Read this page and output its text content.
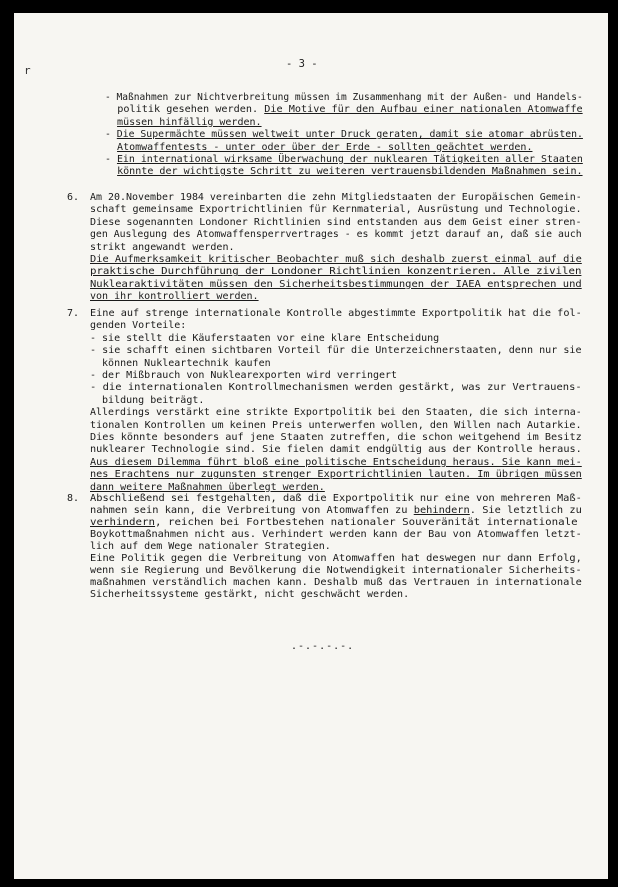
r	- 3 -
- Maßnahmen zur Nichtverbreitung müssen im Zusammenhang mit der Außen- und Handels-
politik gesehen werden. Die Motive für den Aufbau einer nationalen Atomwaffe
müssen hinfällig werden.
- Die Supermächte müssen weltweit unter Druck geraten, damit sie atomar abrüsten.
Atomwaffentests - unter oder über der Erde - sollten geächtet werden.
- Ein international wirksame Überwachung der nuklearen Tätigkeiten aller Staaten
könnte der wichtigste Schritt zu weiteren vertrauensbildenden Maßnahmen sein.
6. Am 20.November 1984 vereinbarten die zehn Mitgliedstaaten der Europäischen Gemein-
schaft gemeinsame Exportrichtlinien für Kernmaterial, Ausrüstung und Technologie.
Diese sogenannten Londoner Richtlinien sind entstanden aus dem Geist einer stren-
gen Auslegung des Atomwaffensperrvertrages - es kommt jetzt darauf an, daß sie auch
strikt angewandt werden.
Die Aufmerksamkeit kritischer Beobachter muß sich deshalb zuerst einmal auf die
praktische Durchführung der Londoner Richtlinien konzentrieren. Alle zivilen
Nuklearaktivitäten müssen den Sicherheitsbestimmungen der IAEA entsprechen und
von ihr kontrolliert werden.
7. Eine auf strenge internationale Kontrolle abgestimmte Exportpolitik hat die fol-
genden Vorteile:
- sie stellt die Käuferstaaten vor eine klare Entscheidung
- sie schafft einen sichtbaren Vorteil für die Unterzeichnerstaaten, denn nur sie
können Nukleartechnik kaufen
- der Mißbrauch von Nuklearexporten wird verringert
- die internationalen Kontrollmechanismen werden gestärkt, was zur Vertrauens-
bildung beiträgt.
Allerdings verstärkt eine strikte Exportpolitik bei den Staaten, die sich interna-
tionalen Kontrollen um keinen Preis unterwerfen wollen, den Willen nach Autarkie.
Dies könnte besonders auf jene Staaten zutreffen, die schon weitgehend im Besitz
nuklearer Technologie sind. Sie fielen damit endgültig aus der Kontrolle heraus.
Aus diesem Dilemma führt bloß eine politische Entscheidung heraus. Sie kann mei-
nes Erachtens nur zugunsten strenger Exportrichtlinien lauten. Im übrigen müssen
dann weitere Maßnahmen überlegt werden.
8. Abschließend sei festgehalten, daß die Exportpolitik nur eine von mehreren Maß-
nahmen sein kann, die Verbreitung von Atomwaffen zu behindern. Sie letztlich zu
verhindern, reichen bei Fortbestehen nationaler Souveränität internationale
Boykottmaßnahmen nicht aus. Verhindert werden kann der Bau von Atomwaffen letzt-
lich auf dem Wege nationaler Strategien.
Eine Politik gegen die Verbreitung von Atomwaffen hat deswegen nur dann Erfolg,
wenn sie Regierung und Bevölkerung die Notwendigkeit internationaler Sicherheits-
maßnahmen verständlich machen kann. Deshalb muß das Vertrauen in internationale
Sicherheitssysteme gestärkt, nicht geschwächt werden.
.-.-.-.-.
